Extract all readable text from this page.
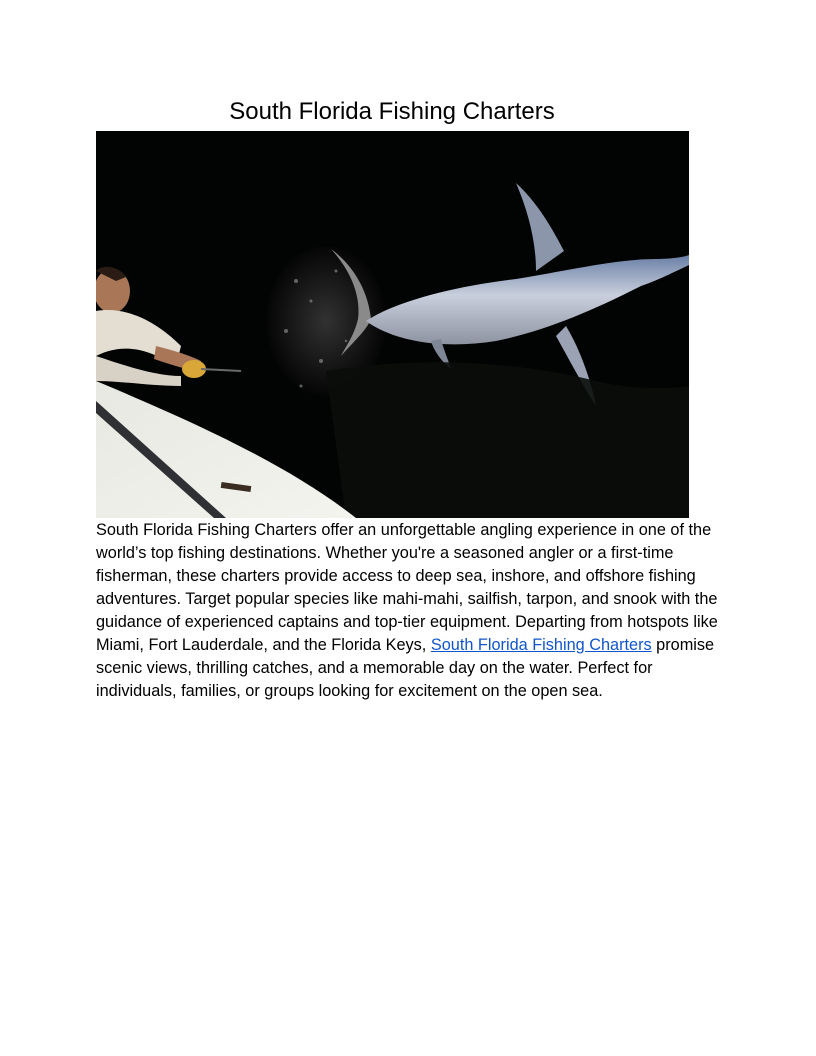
South Florida Fishing Charters

South Florida Fishing Charters offer an unforgettable angling experience in one of the world’s top fishing destinations. Whether you're a seasoned angler or a first-time fisherman, these charters provide access to deep sea, inshore, and offshore fishing adventures. Target popular species like mahi-mahi, sailfish, tarpon, and snook with the guidance of experienced captains and top-tier equipment. Departing from hotspots like Miami, Fort Lauderdale, and the Florida Keys, South Florida Fishing Charters promise scenic views, thrilling catches, and a memorable day on the water. Perfect for individuals, families, or groups looking for excitement on the open sea.
